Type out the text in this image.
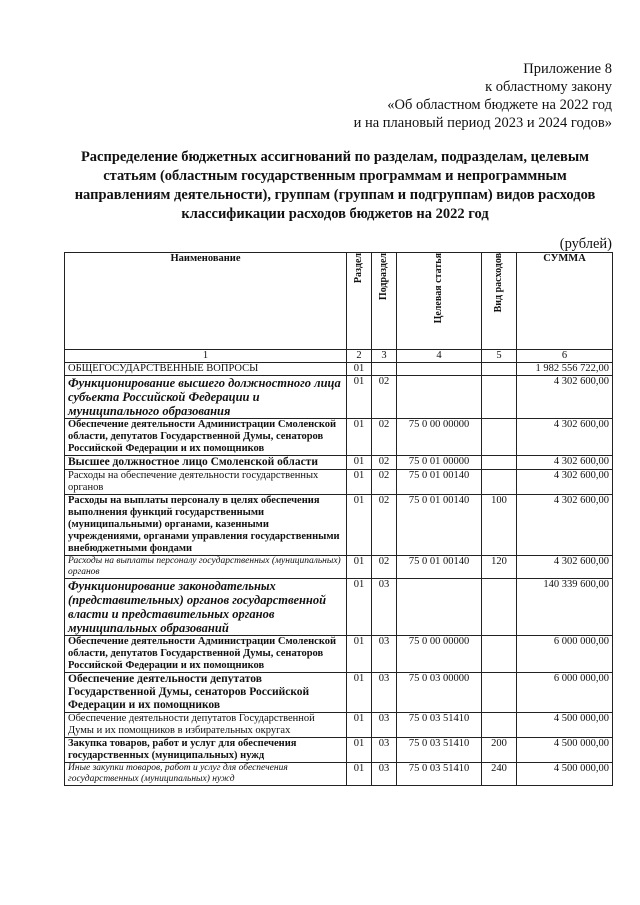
Приложение 8
к областному закону
«Об областном бюджете на 2022 год
и на плановый период 2023 и 2024 годов»
Распределение бюджетных ассигнований по разделам, подразделам, целевым
статьям (областным государственным программам и непрограммным
направлениям деятельности), группам (группам и подгруппам) видов расходов
классификации расходов бюджетов на 2022 год
(рублей)
Наименование	Раздел	Подраздел	Целевая статья	Вид расходов	СУММА
1	2	3	4	5	6
ОБЩЕГОСУДАРСТВЕННЫЕ ВОПРОСЫ	01				1 982 556 722,00
Функционирование высшего должностного лица субъекта Российской Федерации и муниципального образования	01	02			4 302 600,00
Обеспечение деятельности Администрации Смоленской области, депутатов Государственной Думы, сенаторов Российской Федерации и их помощников	01	02	75 0 00 00000		4 302 600,00
Высшее должностное лицо Смоленской области	01	02	75 0 01 00000		4 302 600,00
Расходы на обеспечение деятельности государственных органов	01	02	75 0 01 00140		4 302 600,00
Расходы на выплаты персоналу в целях обеспечения выполнения функций государственными (муниципальными) органами, казенными учреждениями, органами управления государственными внебюджетными фондами	01	02	75 0 01 00140	100	4 302 600,00
Расходы на выплаты персоналу государственных (муниципальных) органов	01	02	75 0 01 00140	120	4 302 600,00
Функционирование законодательных (представительных) органов государственной власти и представительных органов муниципальных образований	01	03			140 339 600,00
Обеспечение деятельности Администрации Смоленской области, депутатов Государственной Думы, сенаторов Российской Федерации и их помощников	01	03	75 0 00 00000		6 000 000,00
Обеспечение деятельности депутатов Государственной Думы, сенаторов Российской Федерации и их помощников	01	03	75 0 03 00000		6 000 000,00
Обеспечение деятельности депутатов Государственной Думы и их помощников в избирательных округах	01	03	75 0 03 51410		4 500 000,00
Закупка товаров, работ и услуг для обеспечения государственных (муниципальных) нужд	01	03	75 0 03 51410	200	4 500 000,00
Иные закупки товаров, работ и услуг для обеспечения государственных (муниципальных) нужд	01	03	75 0 03 51410	240	4 500 000,00
